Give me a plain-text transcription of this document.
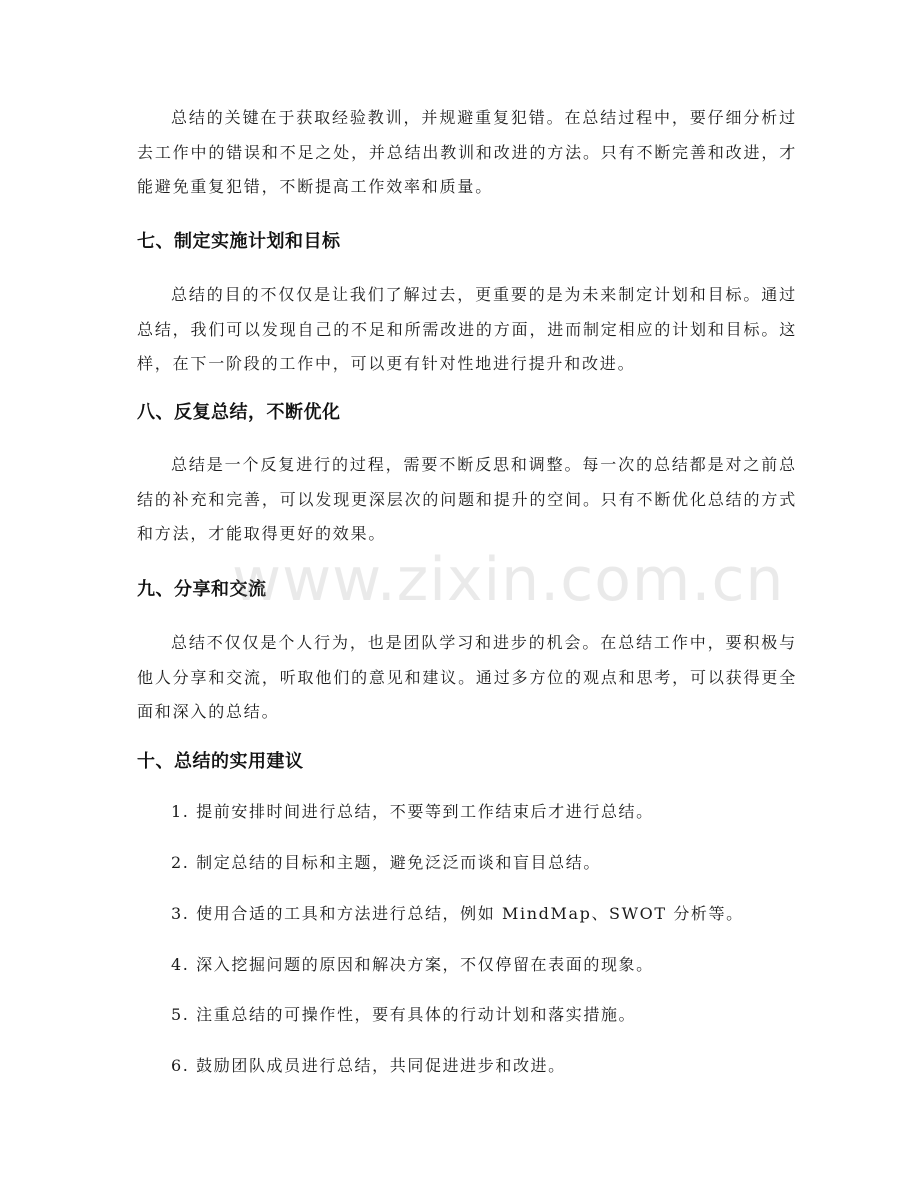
总结的关键在于获取经验教训，并规避重复犯错。在总结过程中，要仔细分析过去工作中的错误和不足之处，并总结出教训和改进的方法。只有不断完善和改进，才能避免重复犯错，不断提高工作效率和质量。

七、制定实施计划和目标

总结的目的不仅仅是让我们了解过去，更重要的是为未来制定计划和目标。通过总结，我们可以发现自己的不足和所需改进的方面，进而制定相应的计划和目标。这样，在下一阶段的工作中，可以更有针对性地进行提升和改进。

八、反复总结，不断优化

总结是一个反复进行的过程，需要不断反思和调整。每一次的总结都是对之前总结的补充和完善，可以发现更深层次的问题和提升的空间。只有不断优化总结的方式和方法，才能取得更好的效果。

九、分享和交流

总结不仅仅是个人行为，也是团队学习和进步的机会。在总结工作中，要积极与他人分享和交流，听取他们的意见和建议。通过多方位的观点和思考，可以获得更全面和深入的总结。

十、总结的实用建议

1. 提前安排时间进行总结，不要等到工作结束后才进行总结。

2. 制定总结的目标和主题，避免泛泛而谈和盲目总结。

3. 使用合适的工具和方法进行总结，例如 MindMap、SWOT 分析等。

4. 深入挖掘问题的原因和解决方案，不仅停留在表面的现象。

5. 注重总结的可操作性，要有具体的行动计划和落实措施。

6. 鼓励团队成员进行总结，共同促进进步和改进。

www.zixin.com.cn
